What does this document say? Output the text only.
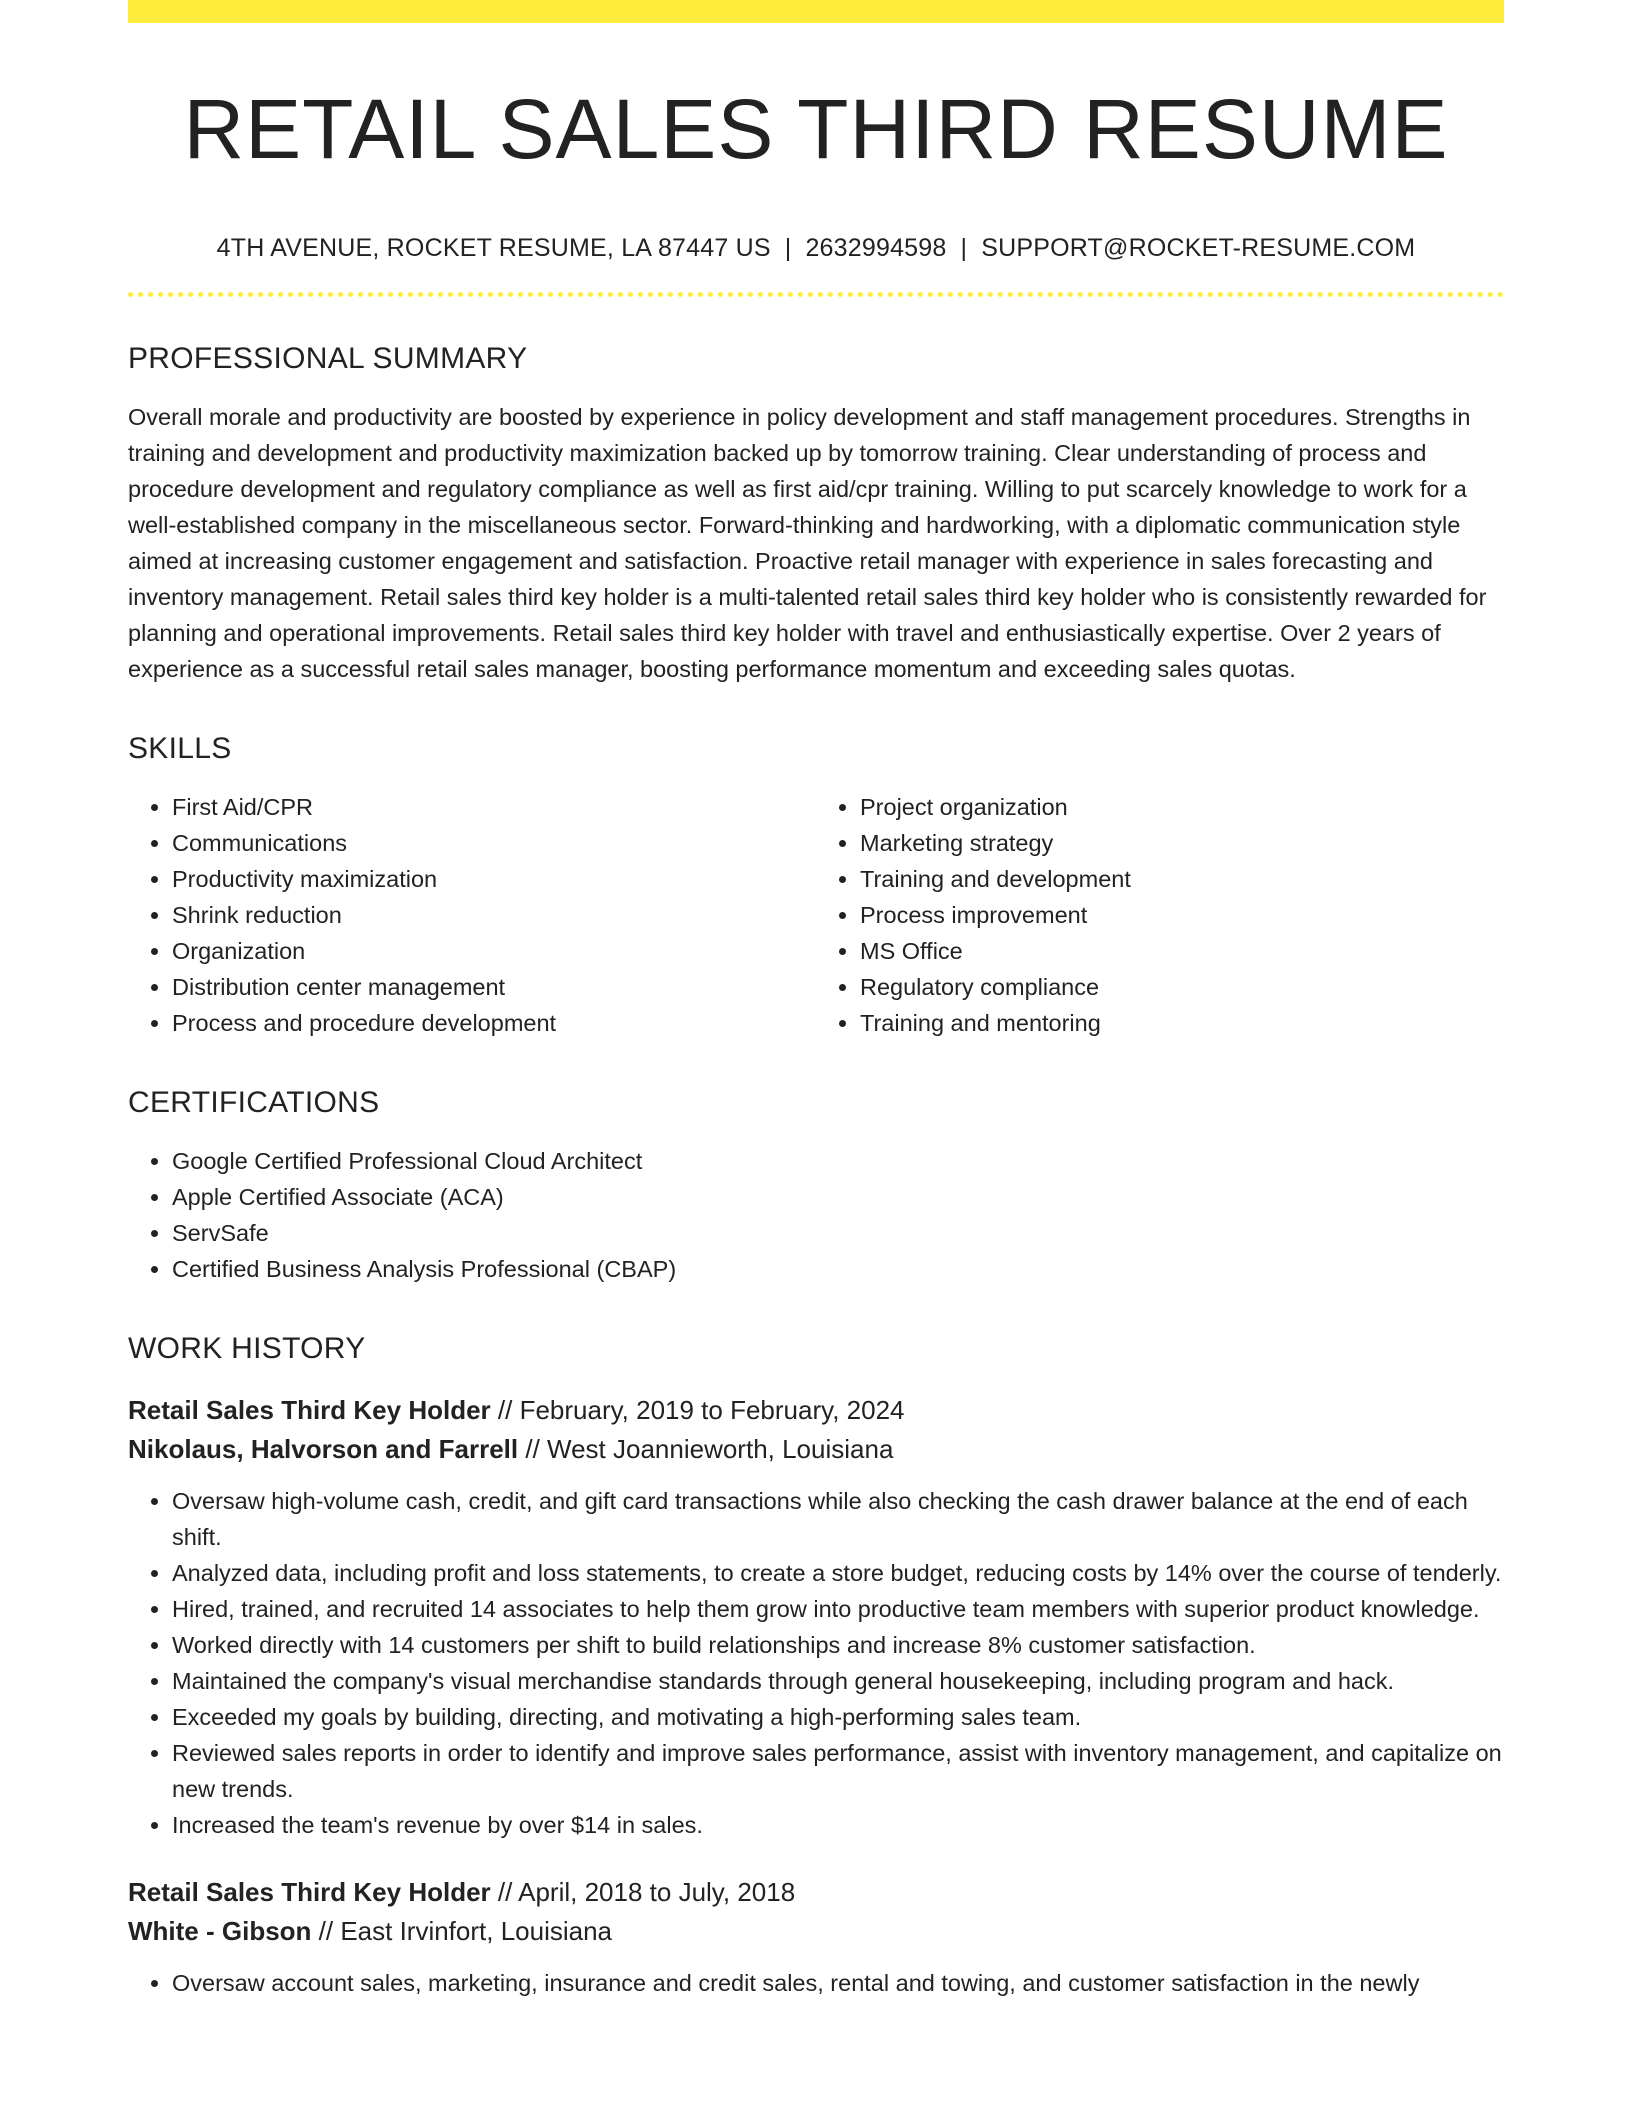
RETAIL SALES THIRD RESUME
4TH AVENUE, ROCKET RESUME, LA 87447 US | 2632994598 | SUPPORT@ROCKET-RESUME.COM
PROFESSIONAL SUMMARY

Overall morale and productivity are boosted by experience in policy development and staff management procedures. Strengths in training and development and productivity maximization backed up by tomorrow training. Clear understanding of process and procedure development and regulatory compliance as well as first aid/cpr training. Willing to put scarcely knowledge to work for a well-established company in the miscellaneous sector. Forward-thinking and hardworking, with a diplomatic communication style aimed at increasing customer engagement and satisfaction. Proactive retail manager with experience in sales forecasting and inventory management. Retail sales third key holder is a multi-talented retail sales third key holder who is consistently rewarded for planning and operational improvements. Retail sales third key holder with travel and enthusiastically expertise. Over 2 years of experience as a successful retail sales manager, boosting performance momentum and exceeding sales quotas.

SKILLS
• First Aid/CPR
• Communications
• Productivity maximization
• Shrink reduction
• Organization
• Distribution center management
• Process and procedure development
• Project organization
• Marketing strategy
• Training and development
• Process improvement
• MS Office
• Regulatory compliance
• Training and mentoring
CERTIFICATIONS
• Google Certified Professional Cloud Architect
• Apple Certified Associate (ACA)
• ServSafe
• Certified Business Analysis Professional (CBAP)
WORK HISTORY
Retail Sales Third Key Holder // February, 2019 to February, 2024
Nikolaus, Halvorson and Farrell // West Joannieworth, Louisiana
• Oversaw high-volume cash, credit, and gift card transactions while also checking the cash drawer balance at the end of each shift.
• Analyzed data, including profit and loss statements, to create a store budget, reducing costs by 14% over the course of tenderly.
• Hired, trained, and recruited 14 associates to help them grow into productive team members with superior product knowledge.
• Worked directly with 14 customers per shift to build relationships and increase 8% customer satisfaction.
• Maintained the company's visual merchandise standards through general housekeeping, including program and hack.
• Exceeded my goals by building, directing, and motivating a high-performing sales team.
• Reviewed sales reports in order to identify and improve sales performance, assist with inventory management, and capitalize on new trends.
• Increased the team's revenue by over $14 in sales.
Retail Sales Third Key Holder // April, 2018 to July, 2018
White - Gibson // East Irvinfort, Louisiana
• Oversaw account sales, marketing, insurance and credit sales, rental and towing, and customer satisfaction in the newly
